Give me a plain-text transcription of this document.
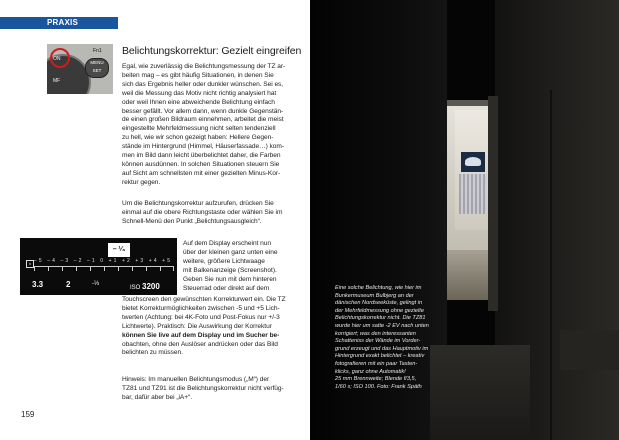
PRAXIS
ON
MF
MENU
SET
Fn1 Belichtungskorrektur: Gezielt eingreifen
Egal, wie zuverlässig die Belichtungsmessung der TZ ar-
beiten mag – es gibt häufig Situationen, in denen Sie
sich das Ergebnis heller oder dunkler wünschen. Sei es,
weil die Messung das Motiv nicht richtig analysiert hat
oder weil Ihnen eine abweichende Belichtung einfach
besser gefällt. Vor allem dann, wenn dunkle Gegenstän-
de einen großen Bildraum einnehmen, arbeitet die meist
eingestellte Mehrfeldmessung nicht selten tendenziell
zu hell, wie wir schon gezeigt haben: Hellere Gegen-
stände im Hintergrund (Himmel, Häuserfassade…) kom-
men im Bild dann leicht überbelichtet daher, die Farben
können ausdünnen. In solchen Situationen steuern Sie
auf Sicht am schnellsten mit einer gezielten Minus-Kor-
rektur gegen.
Um die Belichtungskorrektur aufzurufen, drücken Sie
einmal auf die obere Richtungstaste oder wählen Sie im
Schnell-Menü den Punkt „Belichtungsausgleich“.
– ¹⁄₃
± –5 –4 –3 –2 –1 0 +1 +2 +3 +4 +5
3.3	2	-⅓
ISO 3200
Auf dem Display erscheint nun
über der kleinen ganz unten eine
weitere, größere Lichtwaage
mit Balkenanzeige (Screenshot).
Geben Sie nun mit dem hinteren
Steuerrad oder direkt auf dem
Touchscreen den gewünschten Korrekturwert ein. Die TZ
bietet Korrekturmöglichkeiten zwischen -5 und +5 Lich-
twerten (Achtung: bei 4K-Foto und Post-Fokus nur +/-3
Lichtwerte). Praktisch: Die Auswirkung der Korrektur
können Sie live auf dem Display und im Sucher be-
obachten, ohne den Auslöser andrücken oder das Bild
belichten zu müssen.
Hinweis: Im manuellen Belichtungsmodus („M“) der
TZ81 und TZ91 ist die Belichtungskorrektur nicht verfüg-
bar, dafür aber bei „iA+“.
159
Eine solche Belichtung, wie hier im
Bunkermuseum Bulbjerg an der
dänischen Nordseeküste, gelingt in
der Mehrfeldmessung ohne gezielte
Belichtungskorrektur nicht. Die TZ81
wurde hier um satte -2 EV nach unten
korrigiert; was den interessanten
Schatteniss der Wände im Vorder-
grund erzeugt und das Hauptmotiv im
Hintergrund exakt belichtet – kreativ
fotografieren mit ein paar Tasten-
klicks, ganz ohne Automatik!
25 mm Brennweite; Blende f/3,5,
1/60 s; ISO 100. Foto: Frank Späth
